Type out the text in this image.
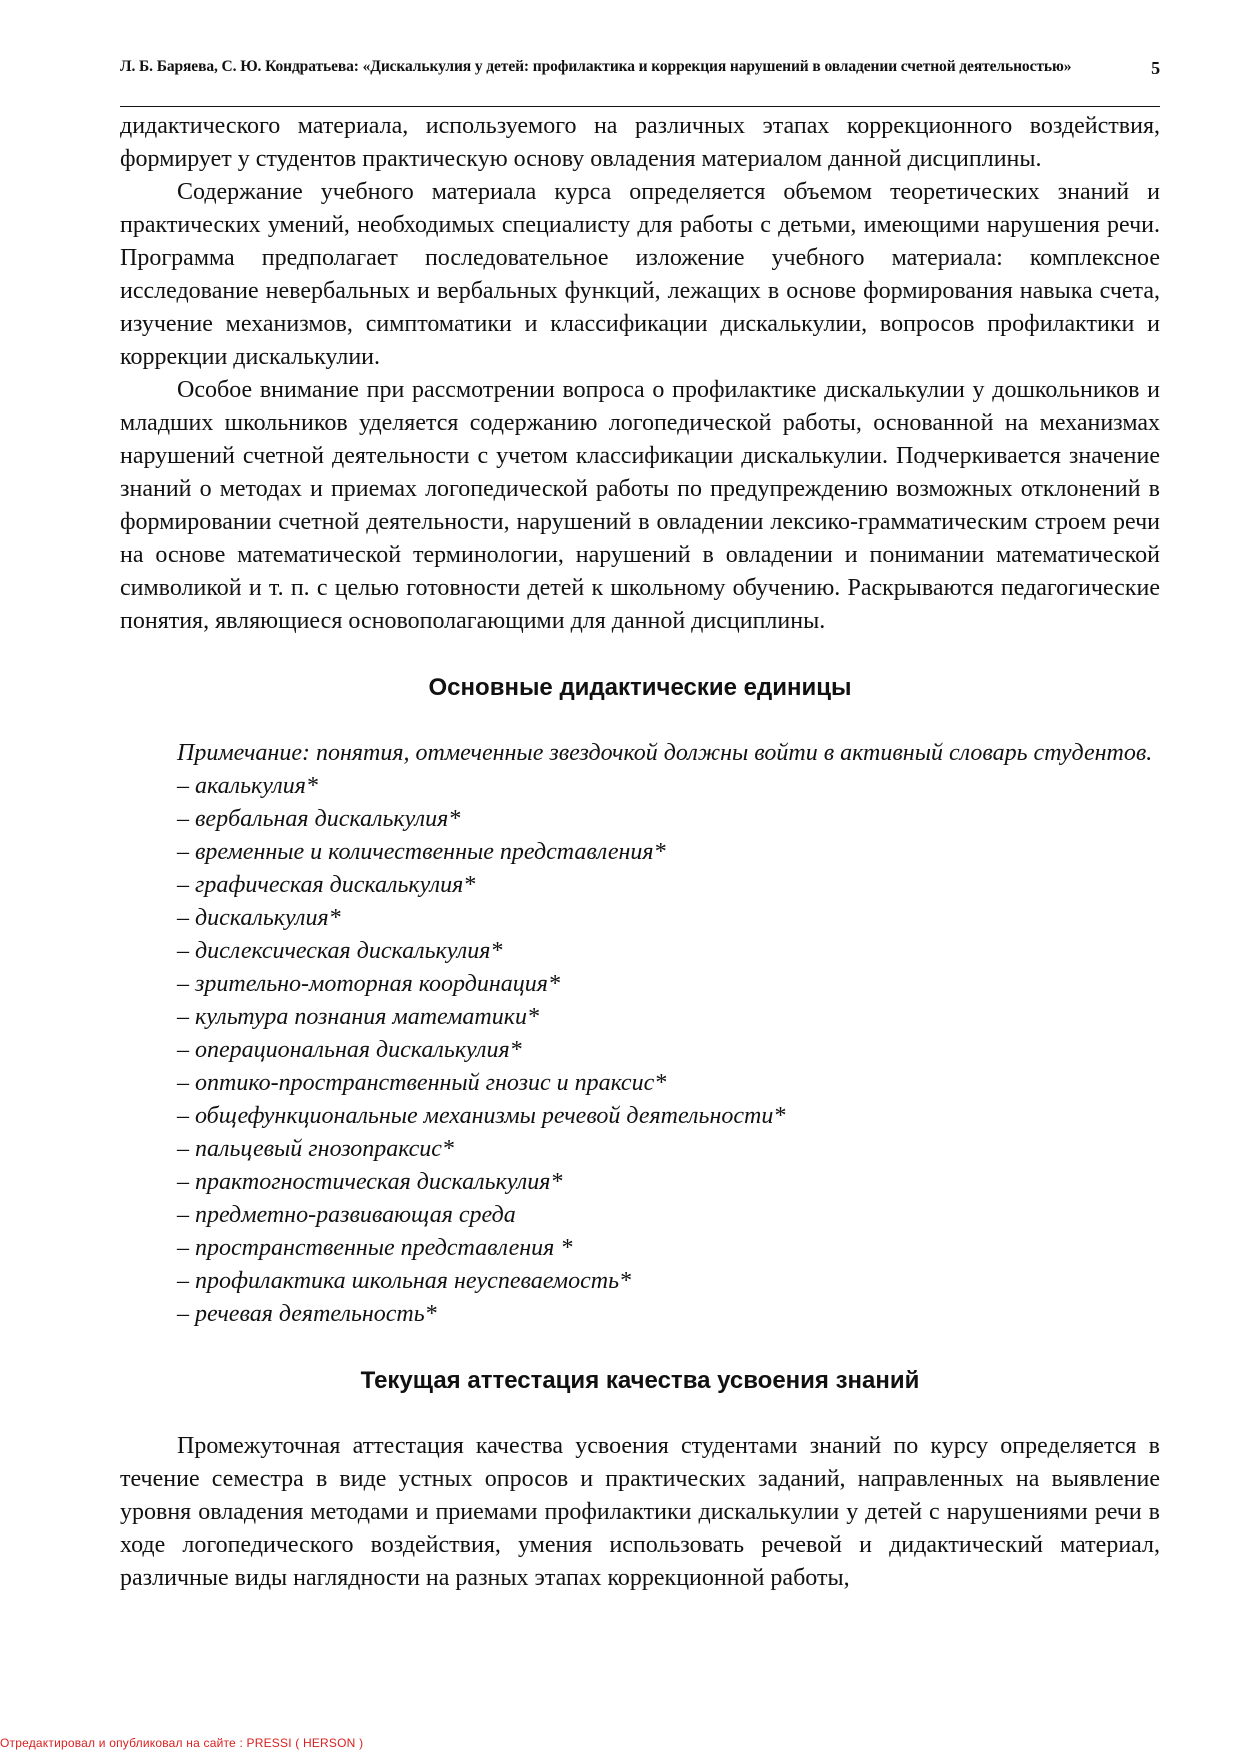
Л. Б. Баряева, С. Ю. Кондратьева: «Дискалькулия у детей: профилактика и коррекция нарушений в овладении счетной деятельностью»	5

дидактического материала, используемого на различных этапах коррекционного воздействия, формирует у студентов практическую основу овладения материалом данной дисциплины.

Содержание учебного материала курса определяется объемом теоретических знаний и практических умений, необходимых специалисту для работы с детьми, имеющими нарушения речи. Программа предполагает последовательное изложение учебного материала: комплексное исследование невербальных и вербальных функций, лежащих в основе формирования навыка счета, изучение механизмов, симптоматики и классификации дискалькулии, вопросов профилактики и коррекции дискалькулии.

Особое внимание при рассмотрении вопроса о профилактике дискалькулии у дошкольников и младших школьников уделяется содержанию логопедической работы, основанной на механизмах нарушений счетной деятельности с учетом классификации дискалькулии. Подчеркивается значение знаний о методах и приемах логопедической работы по предупреждению возможных отклонений в формировании счетной деятельности, нарушений в овладении лексико-грамматическим строем речи на основе математической терминологии, нарушений в овладении и понимании математической символикой и т. п. с целью готовности детей к школьному обучению. Раскрываются педагогические понятия, являющиеся основополагающими для данной дисциплины.

Основные дидактические единицы

Примечание: понятия, отмеченные звездочкой должны войти в активный словарь студентов.

– акалькулия*
– вербальная дискалькулия*
– временные и количественные представления*
– графическая дискалькулия*
– дискалькулия*
– дислексическая дискалькулия*
– зрительно-моторная координация*
– культура познания математики*
– операциональная дискалькулия*
– оптико-пространственный гнозис и праксис*
– общефункциональные механизмы речевой деятельности*
– пальцевый гнозопраксис*
– практогностическая дискалькулия*
– предметно-развивающая среда
– пространственные представления *
– профилактика школьная неуспеваемость*
– речевая деятельность*
Текущая аттестация качества усвоения знаний

Промежуточная аттестация качества усвоения студентами знаний по курсу определяется в течение семестра в виде устных опросов и практических заданий, направленных на выявление уровня овладения методами и приемами профилактики дискалькулии у детей с нарушениями речи в ходе логопедического воздействия, умения использовать речевой и дидактический материал, различные виды наглядности на разных этапах коррекционной работы,

Отредактировал и опубликовал на сайте : PRESSI ( HERSON )
